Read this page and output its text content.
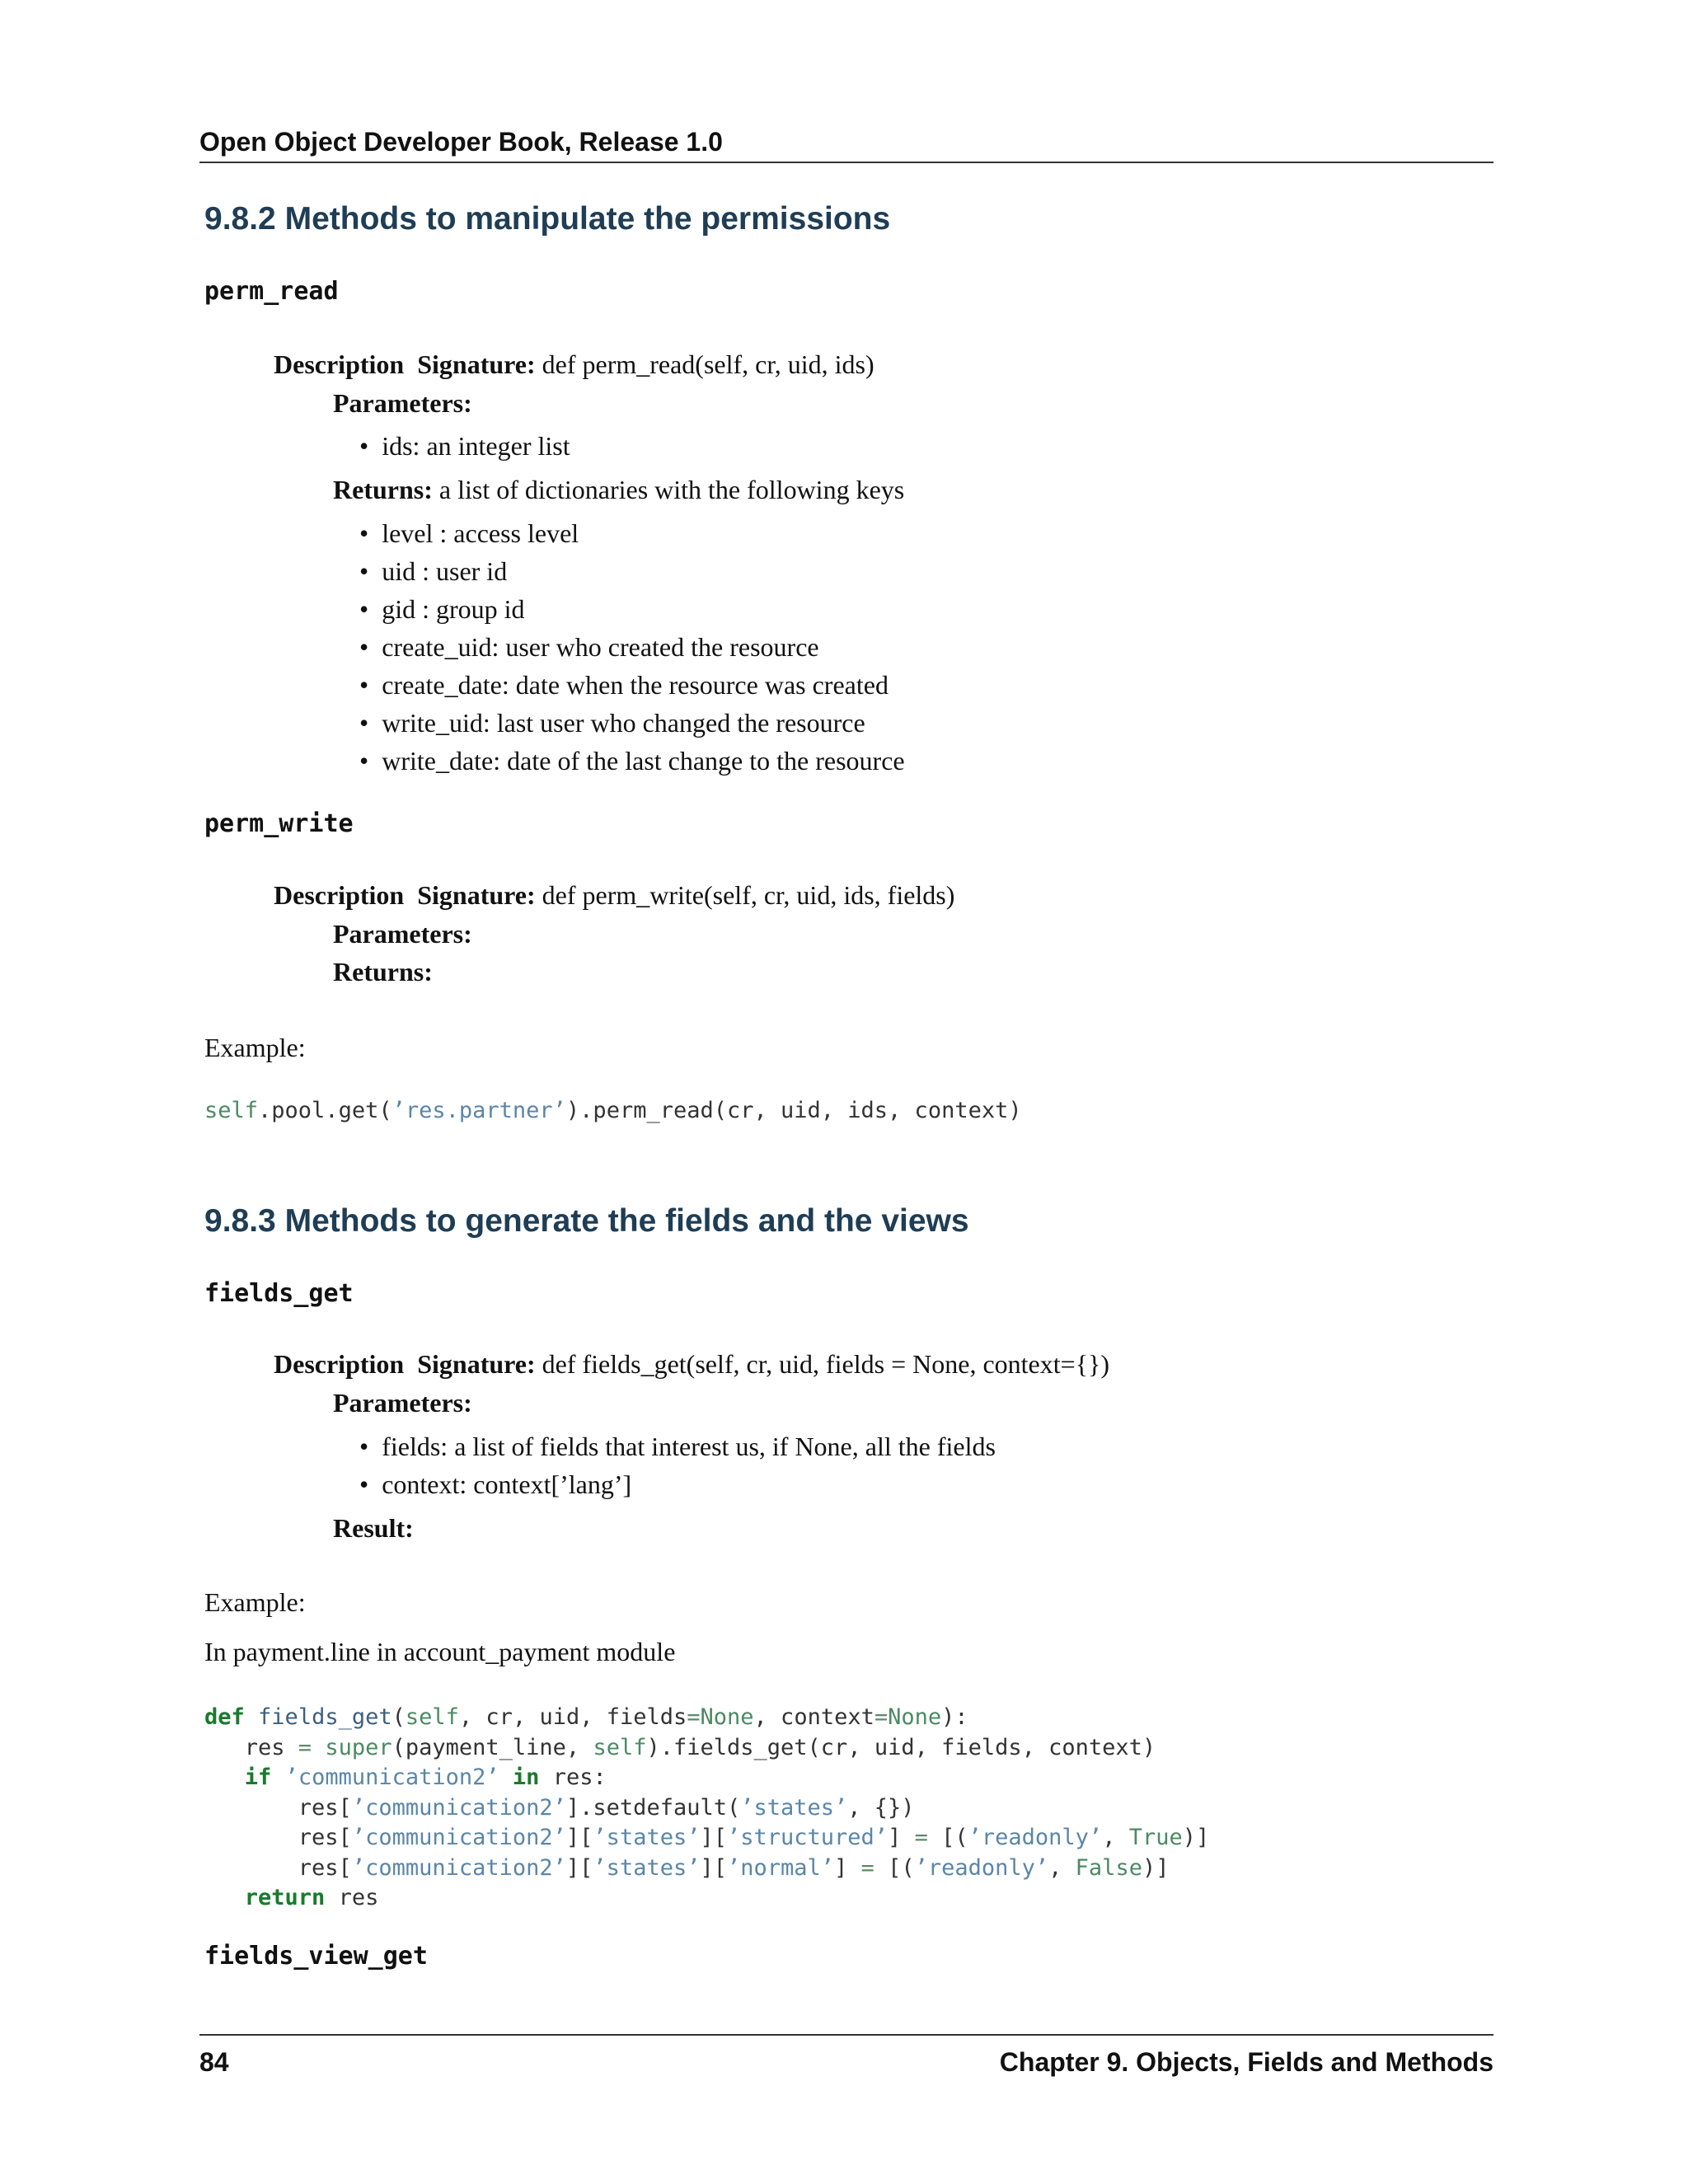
Open Object Developer Book, Release 1.0
9.8.2 Methods to manipulate the permissions
perm_read
Description Signature: def perm_read(self, cr, uid, ids)
Parameters:
•  ids: an integer list
Returns: a list of dictionaries with the following keys
•  level : access level
•  uid : user id
•  gid : group id
•  create_uid: user who created the resource
•  create_date: date when the resource was created
•  write_uid: last user who changed the resource
•  write_date: date of the last change to the resource
perm_write
Description Signature: def perm_write(self, cr, uid, ids, fields)
Parameters:
Returns:
Example:
self.pool.get(’res.partner’).perm_read(cr, uid, ids, context)
9.8.3 Methods to generate the fields and the views
fields_get
Description Signature: def fields_get(self, cr, uid, fields = None, context={})
Parameters:
•  fields: a list of fields that interest us, if None, all the fields
•  context: context[’lang’]
Result:
Example:
In payment.line in account_payment module
def fields_get(self, cr, uid, fields=None, context=None):
res = super(payment_line, self).fields_get(cr, uid, fields, context)
if ’communication2’ in res:
res[’communication2’].setdefault(’states’, {})
res[’communication2’][’states’][’structured’] = [(’readonly’, True)]
res[’communication2’][’states’][’normal’] = [(’readonly’, False)]
return res
fields_view_get
84	Chapter 9. Objects, Fields and Methods
